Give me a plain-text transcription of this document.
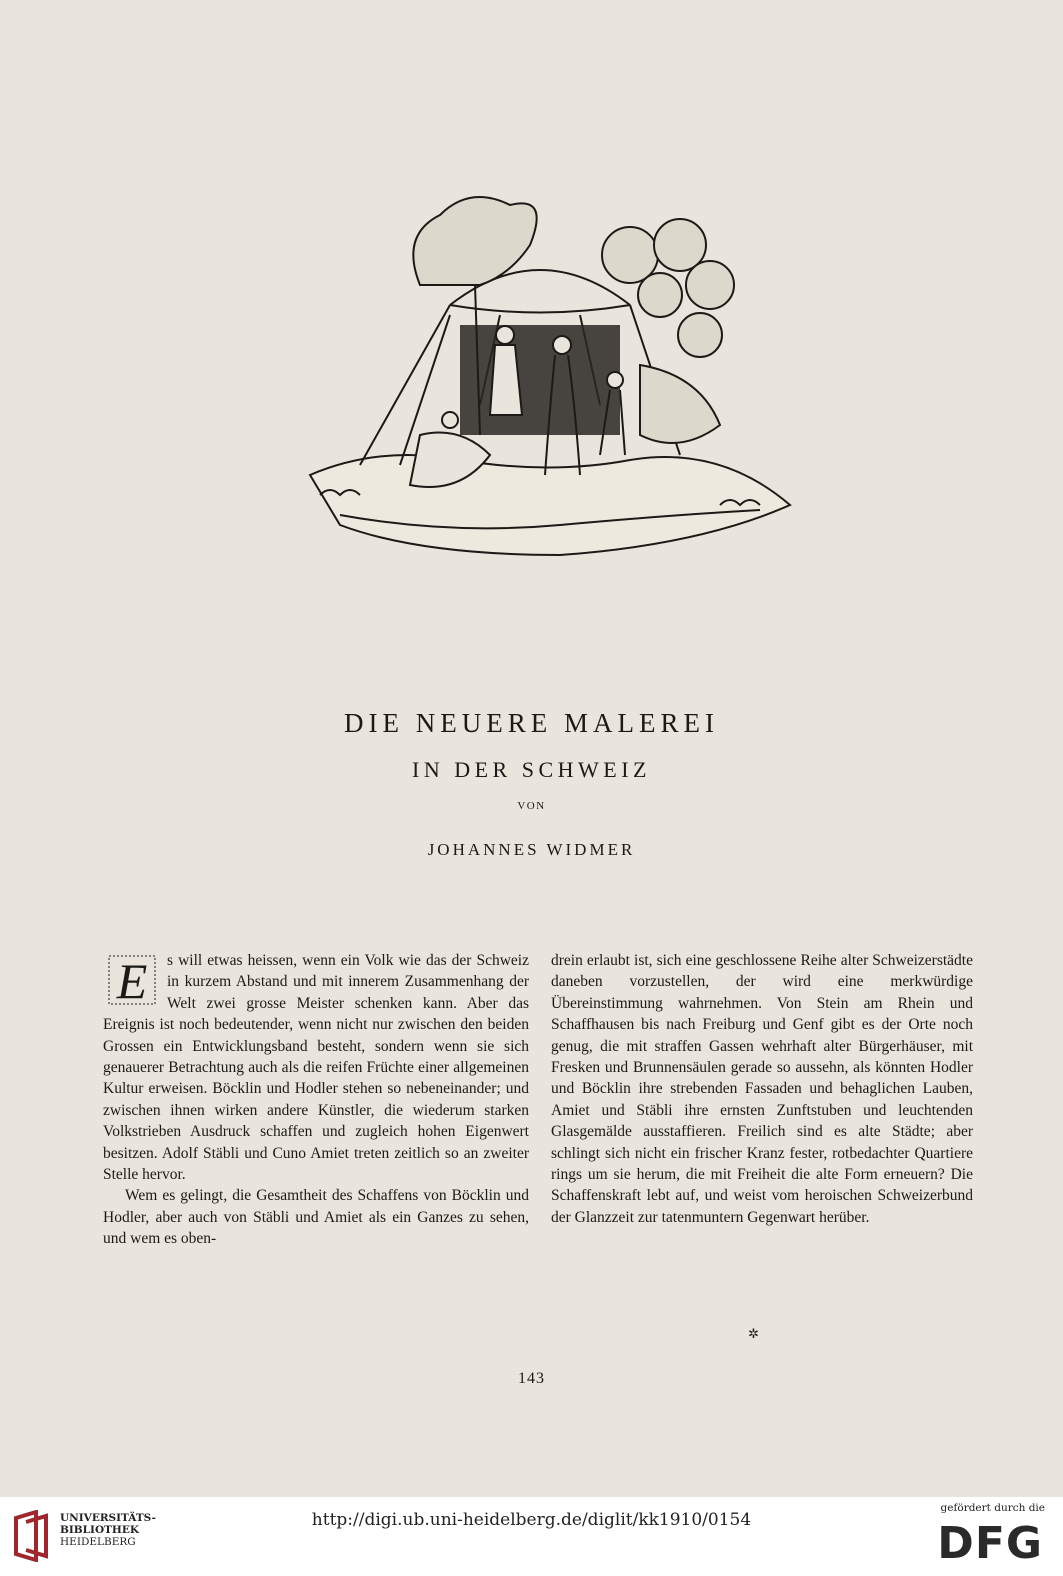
DIE NEUERE MALEREI
IN DER SCHWEIZ
VON
JOHANNES WIDMER
E	s will etwas heissen, wenn ein Volk wie das der Schweiz in kurzem Abstand und mit innerem Zusammenhang der Welt zwei grosse Meister schenken kann. Aber das Ereignis ist noch bedeutender, wenn nicht nur zwischen den beiden Grossen ein Entwicklungsband besteht, sondern wenn sie sich genauerer Betrachtung auch als die reifen Früchte einer allgemeinen Kultur erweisen. Böcklin und Hodler stehen so nebeneinander; und zwischen ihnen wirken andere Künstler, die wiederum starken Volkstrieben Ausdruck schaffen und zugleich hohen Eigenwert besitzen. Adolf Stäbli und Cuno Amiet treten zeitlich so an zweiter Stelle hervor.

Wem es gelingt, die Gesamtheit des Schaffens von Böcklin und Hodler, aber auch von Stäbli und Amiet als ein Ganzes zu sehen, und wem es oben-

drein erlaubt ist, sich eine geschlossene Reihe alter Schweizerstädte daneben vorzustellen, der wird eine merkwürdige Übereinstimmung wahrnehmen. Von Stein am Rhein und Schaffhausen bis nach Freiburg und Genf gibt es der Orte noch genug, die mit straffen Gassen wehrhaft alter Bürgerhäuser, mit Fresken und Brunnensäulen gerade so aussehn, als könnten Hodler und Böcklin ihre strebenden Fassaden und behaglichen Lauben, Amiet und Stäbli ihre ernsten Zunftstuben und leuchtenden Glasgemälde ausstaffieren. Freilich sind es alte Städte; aber schlingt sich nicht ein frischer Kranz fester, rotbedachter Quartiere rings um sie herum, die mit Freiheit die alte Form erneuern? Die Schaffenskraft lebt auf, und weist vom heroischen Schweizerbund der Glanzzeit zur tatenmuntern Gegenwart herüber.

✲
143
UNIVERSITÄTS-
BIBLIOTHEK
HEIDELBERG
http://digi.ub.uni-heidelberg.de/diglit/kk1910/0154
gefördert durch die
DFG
